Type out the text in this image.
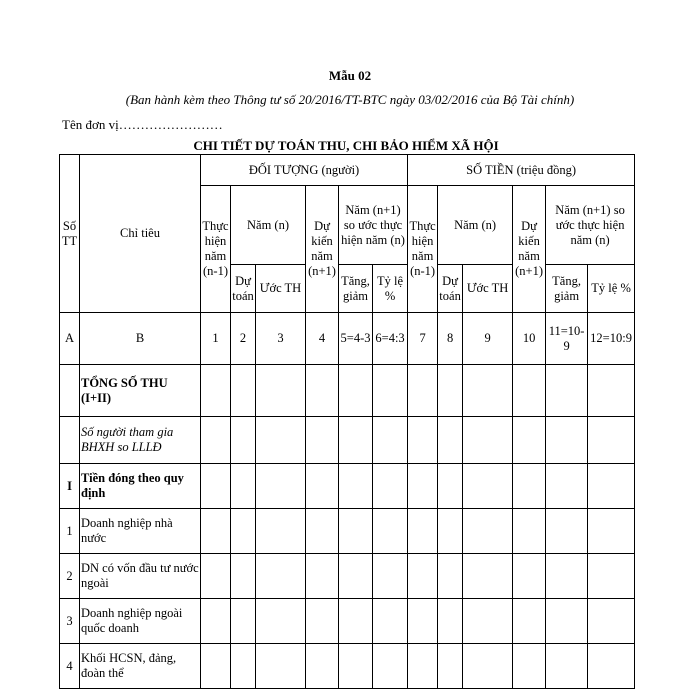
Mẫu 02
(Ban hành kèm theo Thông tư số 20/2016/TT-BTC ngày 03/02/2016 của Bộ Tài chính)
Tên đơn vị……………………
CHI TIẾT DỰ TOÁN THU, CHI BẢO HIỂM XÃ HỘI
Số TT	Chỉ tiêu	ĐỐI TƯỢNG (người)						SỐ TIỀN (triệu đồng)					
		Thực hiện năm (n-1)	Năm (n)		Dự kiến năm (n+1)	Năm (n+1) so ước thực hiện năm (n)		Thực hiện năm (n-1)	Năm (n)		Dự kiến năm (n+1)	Năm (n+1) so ước thực hiện năm (n)	
			Dự toán	Ước TH		Tăng, giảm	Tỷ lệ %		Dự toán	Ước TH		Tăng, giảm	Tỷ lệ %
A	B	1	2	3	4	5=4-3	6=4:3	7	8	9	10	11=10-9	12=10:9
	TỔNG SỐ THU (I+II)												
	Số người tham gia BHXH so LLLĐ												
I	Tiền đóng theo quy định												
1	Doanh nghiệp nhà nước												
2	DN có vốn đầu tư nước ngoài												
3	Doanh nghiệp ngoài quốc doanh												
4	Khối HCSN, đảng, đoàn thể												
